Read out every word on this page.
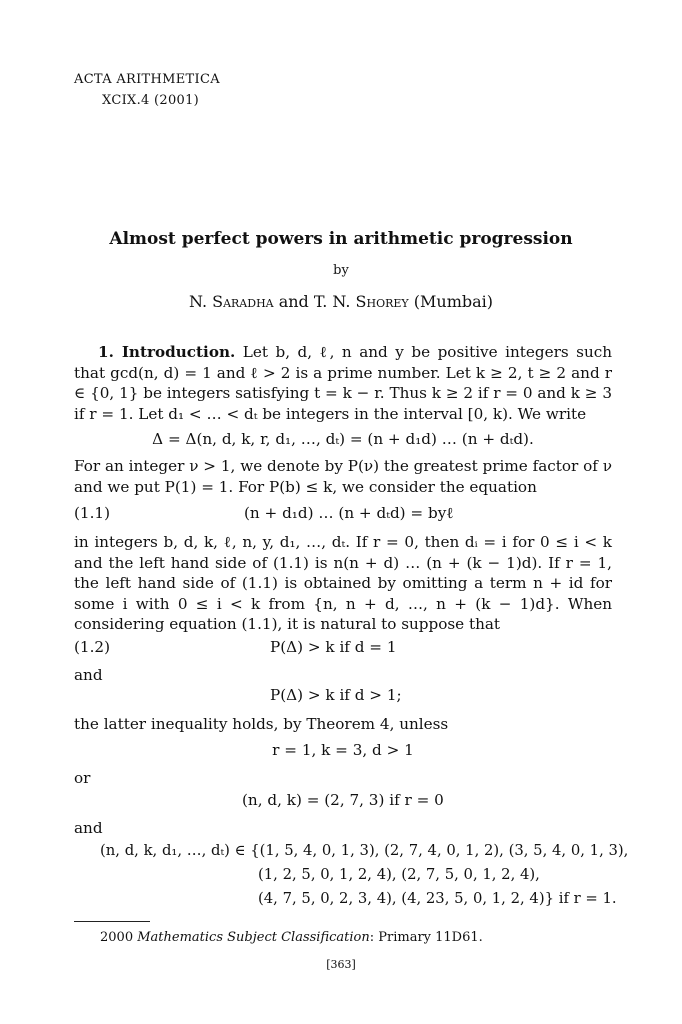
ACTA ARITHMETICA
XCIX.4 (2001)
Almost perfect powers in arithmetic progression
by
N. Saradha and T. N. Shorey (Mumbai)
1. Introduction. Let b, d, ℓ, n and y be positive integers such that gcd(n, d) = 1 and ℓ > 2 is a prime number. Let k ≥ 2, t ≥ 2 and r ∈ {0, 1} be integers satisfying t = k − r. Thus k ≥ 2 if r = 0 and k ≥ 3 if r = 1. Let d₁ < … < dₜ be integers in the interval [0, k). We write
Δ = Δ(n, d, k, r, d₁, …, dₜ) = (n + d₁d) … (n + dₜd).
For an integer ν > 1, we denote by P(ν) the greatest prime factor of ν and we put P(1) = 1. For P(b) ≤ k, we consider the equation
(1.1)	(n + d₁d) … (n + dₜd) = byℓ
in integers b, d, k, ℓ, n, y, d₁, …, dₜ. If r = 0, then dᵢ = i for 0 ≤ i < k and the left hand side of (1.1) is n(n + d) … (n + (k − 1)d). If r = 1, the left hand side of (1.1) is obtained by omitting a term n + id for some i with 0 ≤ i < k from {n, n + d, …, n + (k − 1)d}. When considering equation (1.1), it is natural to suppose that
(1.2)	P(Δ) > k if d = 1
and
P(Δ) > k if d > 1;
the latter inequality holds, by Theorem 4, unless
r = 1, k = 3, d > 1
or
(n, d, k) = (2, 7, 3) if r = 0
and
(n, d, k, d₁, …, dₜ) ∈ {(1, 5, 4, 0, 1, 3), (2, 7, 4, 0, 1, 2), (3, 5, 4, 0, 1, 3),
(1, 2, 5, 0, 1, 2, 4), (2, 7, 5, 0, 1, 2, 4),
(4, 7, 5, 0, 2, 3, 4), (4, 23, 5, 0, 1, 2, 4)} if r = 1.
2000 Mathematics Subject Classification: Primary 11D61.
[363]
